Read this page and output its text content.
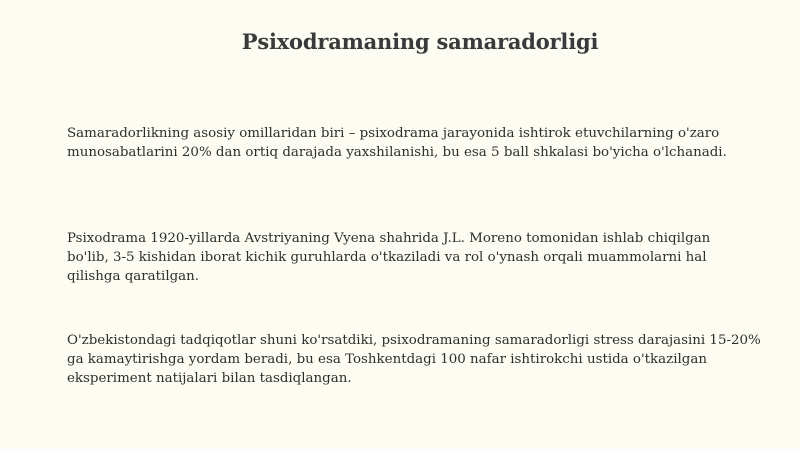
Psixodramaning samaradorligi

Samaradorlikning asosiy omillaridan biri – psixodrama jarayonida ishtirok etuvchilarning o'zaro munosabatlarini 20% dan ortiq darajada yaxshilanishi, bu esa 5 ball shkalasi bo'yicha o'lchanadi.

Psixodrama 1920-yillarda Avstriyaning Vyena shahrida J.L. Moreno tomonidan ishlab chiqilgan bo'lib, 3-5 kishidan iborat kichik guruhlarda o'tkaziladi va rol o'ynash orqali muammolarni hal qilishga qaratilgan.

O'zbekistondagi tadqiqotlar shuni ko'rsatdiki, psixodramaning samaradorligi stress darajasini 15-20% ga kamaytirishga yordam beradi, bu esa Toshkentdagi 100 nafar ishtirokchi ustida o'tkazilgan eksperiment natijalari bilan tasdiqlangan.
